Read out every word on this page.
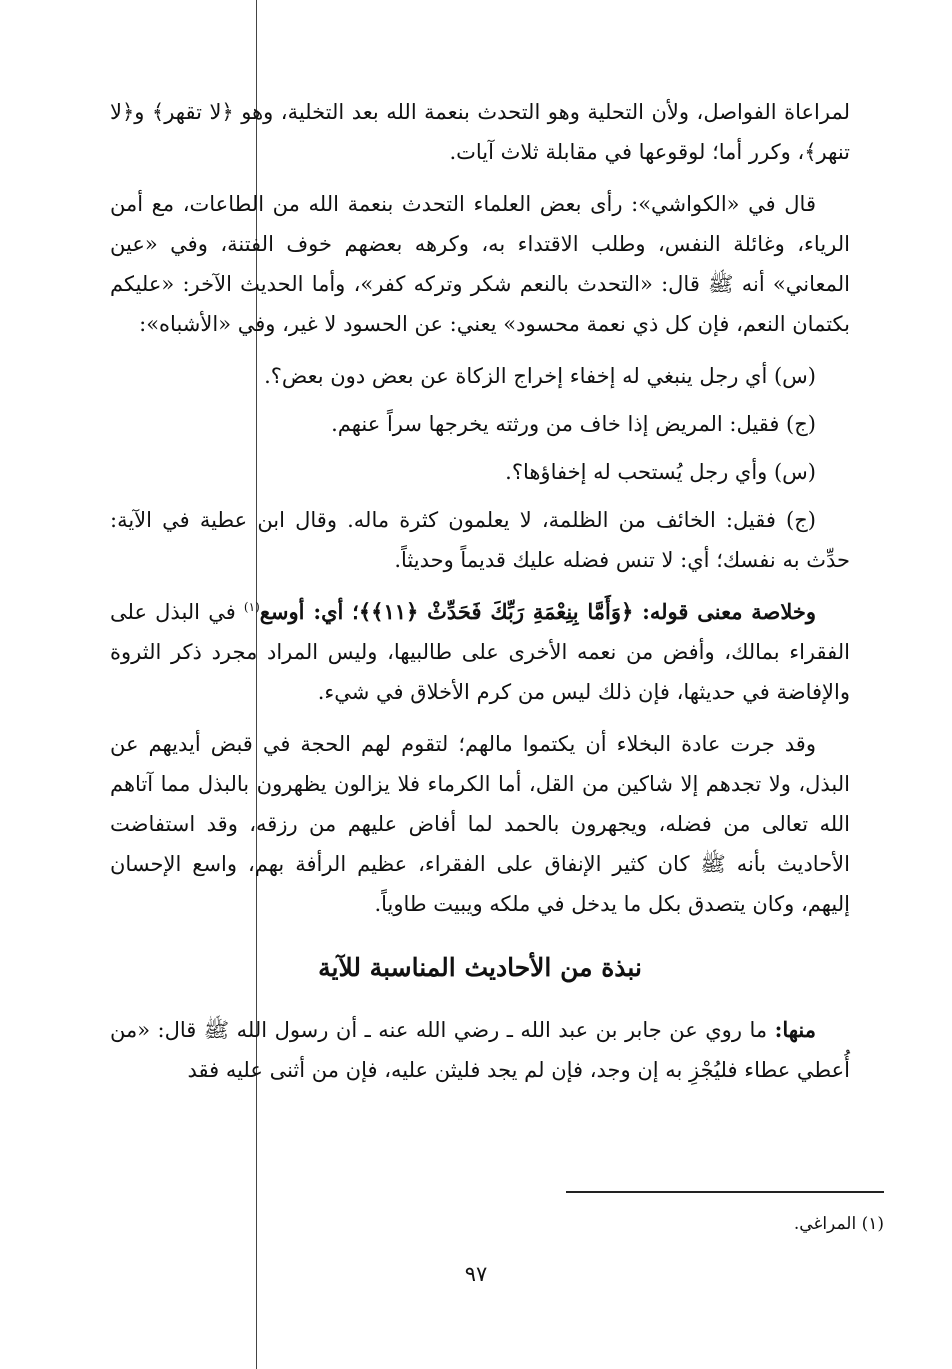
لمراعاة الفواصل، ولأن التحلية وهو التحدث بنعمة الله بعد التخلية، وهو ﴿لا تقهر﴾ و﴿لا تنهر﴾، وكرر أما؛ لوقوعها في مقابلة ثلاث آيات.

قال في «الكواشي»: رأى بعض العلماء التحدث بنعمة الله من الطاعات، مع أمن الرياء، وغائلة النفس، وطلب الاقتداء به، وكرهه بعضهم خوف الفتنة، وفي «عين المعاني» أنه ﷺ قال: «التحدث بالنعم شكر وتركه كفر»، وأما الحديث الآخر: «عليكم بكتمان النعم، فإن كل ذي نعمة محسود» يعني: عن الحسود لا غير، وفي «الأشباه»:

(س) أي رجل ينبغي له إخفاء إخراج الزكاة عن بعض دون بعض؟.

(ج) فقيل: المريض إذا خاف من ورثته يخرجها سراً عنهم.

(س) وأي رجل يُستحب له إخفاؤها؟.

(ج) فقيل: الخائف من الظلمة، لا يعلمون كثرة ماله. وقال ابن عطية في الآية: حدِّث به نفسك؛ أي: لا تنس فضله عليك قديماً وحديثاً.

وخلاصة معنى قوله: ﴿وَأَمَّا بِنِعْمَةِ رَبِّكَ فَحَدِّثْ ﴿١١﴾﴾؛ أي: أوسع$^{(١)}$ في البذل على الفقراء بمالك، وأفض من نعمه الأخرى على طالبيها، وليس المراد مجرد ذكر الثروة والإفاضة في حديثها، فإن ذلك ليس من كرم الأخلاق في شيء.

وقد جرت عادة البخلاء أن يكتموا مالهم؛ لتقوم لهم الحجة في قبض أيديهم عن البذل، ولا تجدهم إلا شاكين من القل، أما الكرماء فلا يزالون يظهرون بالبذل مما آتاهم الله تعالى من فضله، ويجهرون بالحمد لما أفاض عليهم من رزقه، وقد استفاضت الأحاديث بأنه ﷺ كان كثير الإنفاق على الفقراء، عظيم الرأفة بهم، واسع الإحسان إليهم، وكان يتصدق بكل ما يدخل في ملكه ويبيت طاوياً.

نبذة من الأحاديث المناسبة للآية

منها: ما روي عن جابر بن عبد الله ـ رضي الله عنه ـ أن رسول الله ﷺ قال: «من أُعطي عطاء فليُجْزِ به إن وجد، فإن لم يجد فليثن عليه، فإن من أثنى عليه فقد

(١) المراغي.
٩٧
